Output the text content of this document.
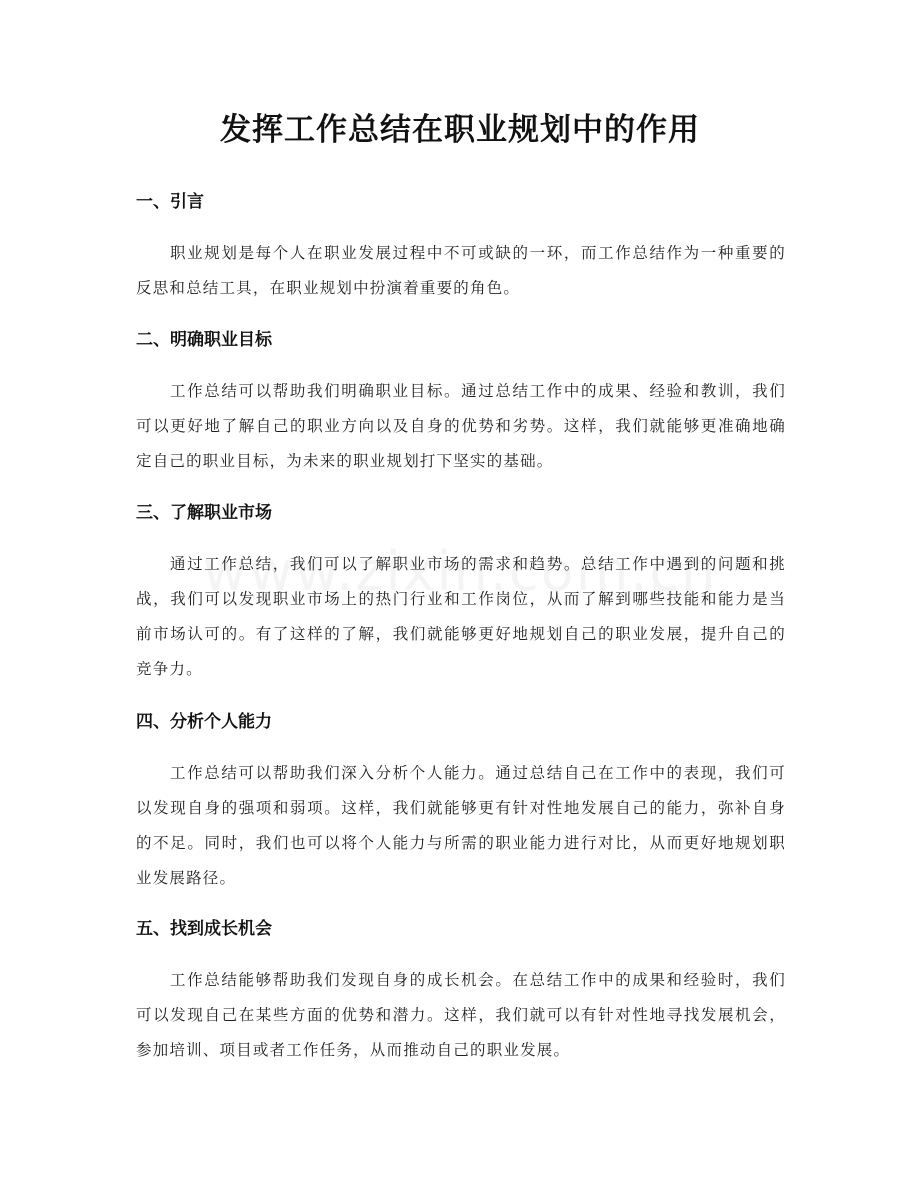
发挥工作总结在职业规划中的作用
一、引言

职业规划是每个人在职业发展过程中不可或缺的一环，而工作总结作为一种重要的反思和总结工具，在职业规划中扮演着重要的角色。

二、明确职业目标

工作总结可以帮助我们明确职业目标。通过总结工作中的成果、经验和教训，我们可以更好地了解自己的职业方向以及自身的优势和劣势。这样，我们就能够更准确地确定自己的职业目标，为未来的职业规划打下坚实的基础。

三、了解职业市场

通过工作总结，我们可以了解职业市场的需求和趋势。总结工作中遇到的问题和挑战，我们可以发现职业市场上的热门行业和工作岗位，从而了解到哪些技能和能力是当前市场认可的。有了这样的了解，我们就能够更好地规划自己的职业发展，提升自己的竞争力。

四、分析个人能力

工作总结可以帮助我们深入分析个人能力。通过总结自己在工作中的表现，我们可以发现自身的强项和弱项。这样，我们就能够更有针对性地发展自己的能力，弥补自身的不足。同时，我们也可以将个人能力与所需的职业能力进行对比，从而更好地规划职业发展路径。

五、找到成长机会

工作总结能够帮助我们发现自身的成长机会。在总结工作中的成果和经验时，我们可以发现自己在某些方面的优势和潜力。这样，我们就可以有针对性地寻找发展机会，参加培训、项目或者工作任务，从而推动自己的职业发展。
